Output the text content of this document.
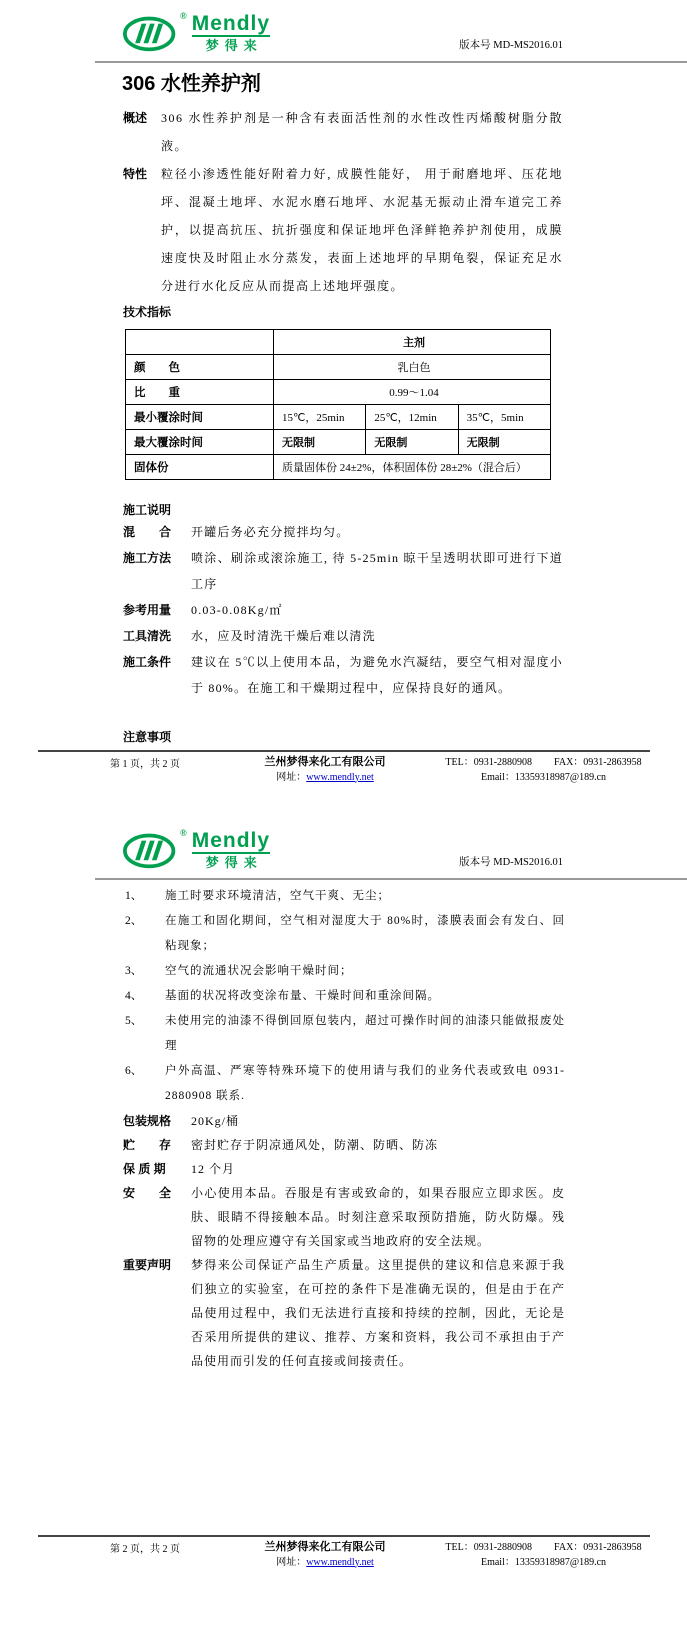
® Mendly
梦得来	版本号 MD-MS2016.01
306 水性养护剂
概述	306 水性养护剂是一种含有表面活性剂的水性改性丙烯酸树脂分散液。
特性	粒径小渗透性能好附着力好, 成膜性能好， 用于耐磨地坪、压花地坪、混凝土地坪、水泥水磨石地坪、水泥基无振动止滑车道完工养护，以提高抗压、抗折强度和保证地坪色泽鲜艳养护剂使用，成膜速度快及时阻止水分蒸发，表面上述地坪的早期龟裂，保证充足水分进行水化反应从而提高上述地坪强度。
技术指标
	主剂		
颜　　色	乳白色		
比　　重	0.99～1.04		
最小覆涂时间	15℃，25min	25℃，12min	35℃，5min
最大覆涂时间	无限制	无限制	无限制
固体份	质量固体份 24±2%，体积固体份 28±2%（混合后）		
施工说明
混　　合	开罐后务必充分搅拌均匀。
施工方法	喷涂、刷涂或滚涂施工, 待 5-25min 晾干呈透明状即可进行下道工序
参考用量	0.03-0.08Kg/㎡
工具清洗	水，应及时清洗干燥后难以清洗
施工条件	建议在 5℃以上使用本品，为避免水汽凝结，要空气相对湿度小于 80%。在施工和干燥期过程中，应保持良好的通风。
注意事项
第 1 页，共 2 页	兰州梦得来化工有限公司
网址：www.mendly.net
TEL：0931-2880908 FAX：0931-2863958
Email：13359318987@189.cn
® Mendly
梦得来	版本号 MD-MS2016.01
1、	施工时要求环境清洁，空气干爽、无尘；
2、	在施工和固化期间，空气相对湿度大于 80%时，漆膜表面会有发白、回粘现象；
3、	空气的流通状况会影响干燥时间；
4、	基面的状况将改变涂布量、干燥时间和重涂间隔。
5、	未使用完的油漆不得倒回原包装内，超过可操作时间的油漆只能做报废处理
6、	户外高温、严寒等特殊环境下的使用请与我们的业务代表或致电 0931-2880908 联系.
包装规格	20Kg/桶
贮　　存	密封贮存于阴凉通风处，防潮、防晒、防冻
保 质 期	12 个月
安　　全	小心使用本品。吞服是有害或致命的，如果吞服应立即求医。皮肤、眼睛不得接触本品。时刻注意采取预防措施，防火防爆。残留物的处理应遵守有关国家或当地政府的安全法规。
重要声明	梦得来公司保证产品生产质量。这里提供的建议和信息来源于我们独立的实验室，在可控的条件下是准确无误的，但是由于在产品使用过程中，我们无法进行直接和持续的控制，因此，无论是否采用所提供的建议、推荐、方案和资料，我公司不承担由于产品使用而引发的任何直接或间接责任。
第 2 页，共 2 页	兰州梦得来化工有限公司
网址：www.mendly.net
TEL：0931-2880908 FAX：0931-2863958
Email：13359318987@189.cn
